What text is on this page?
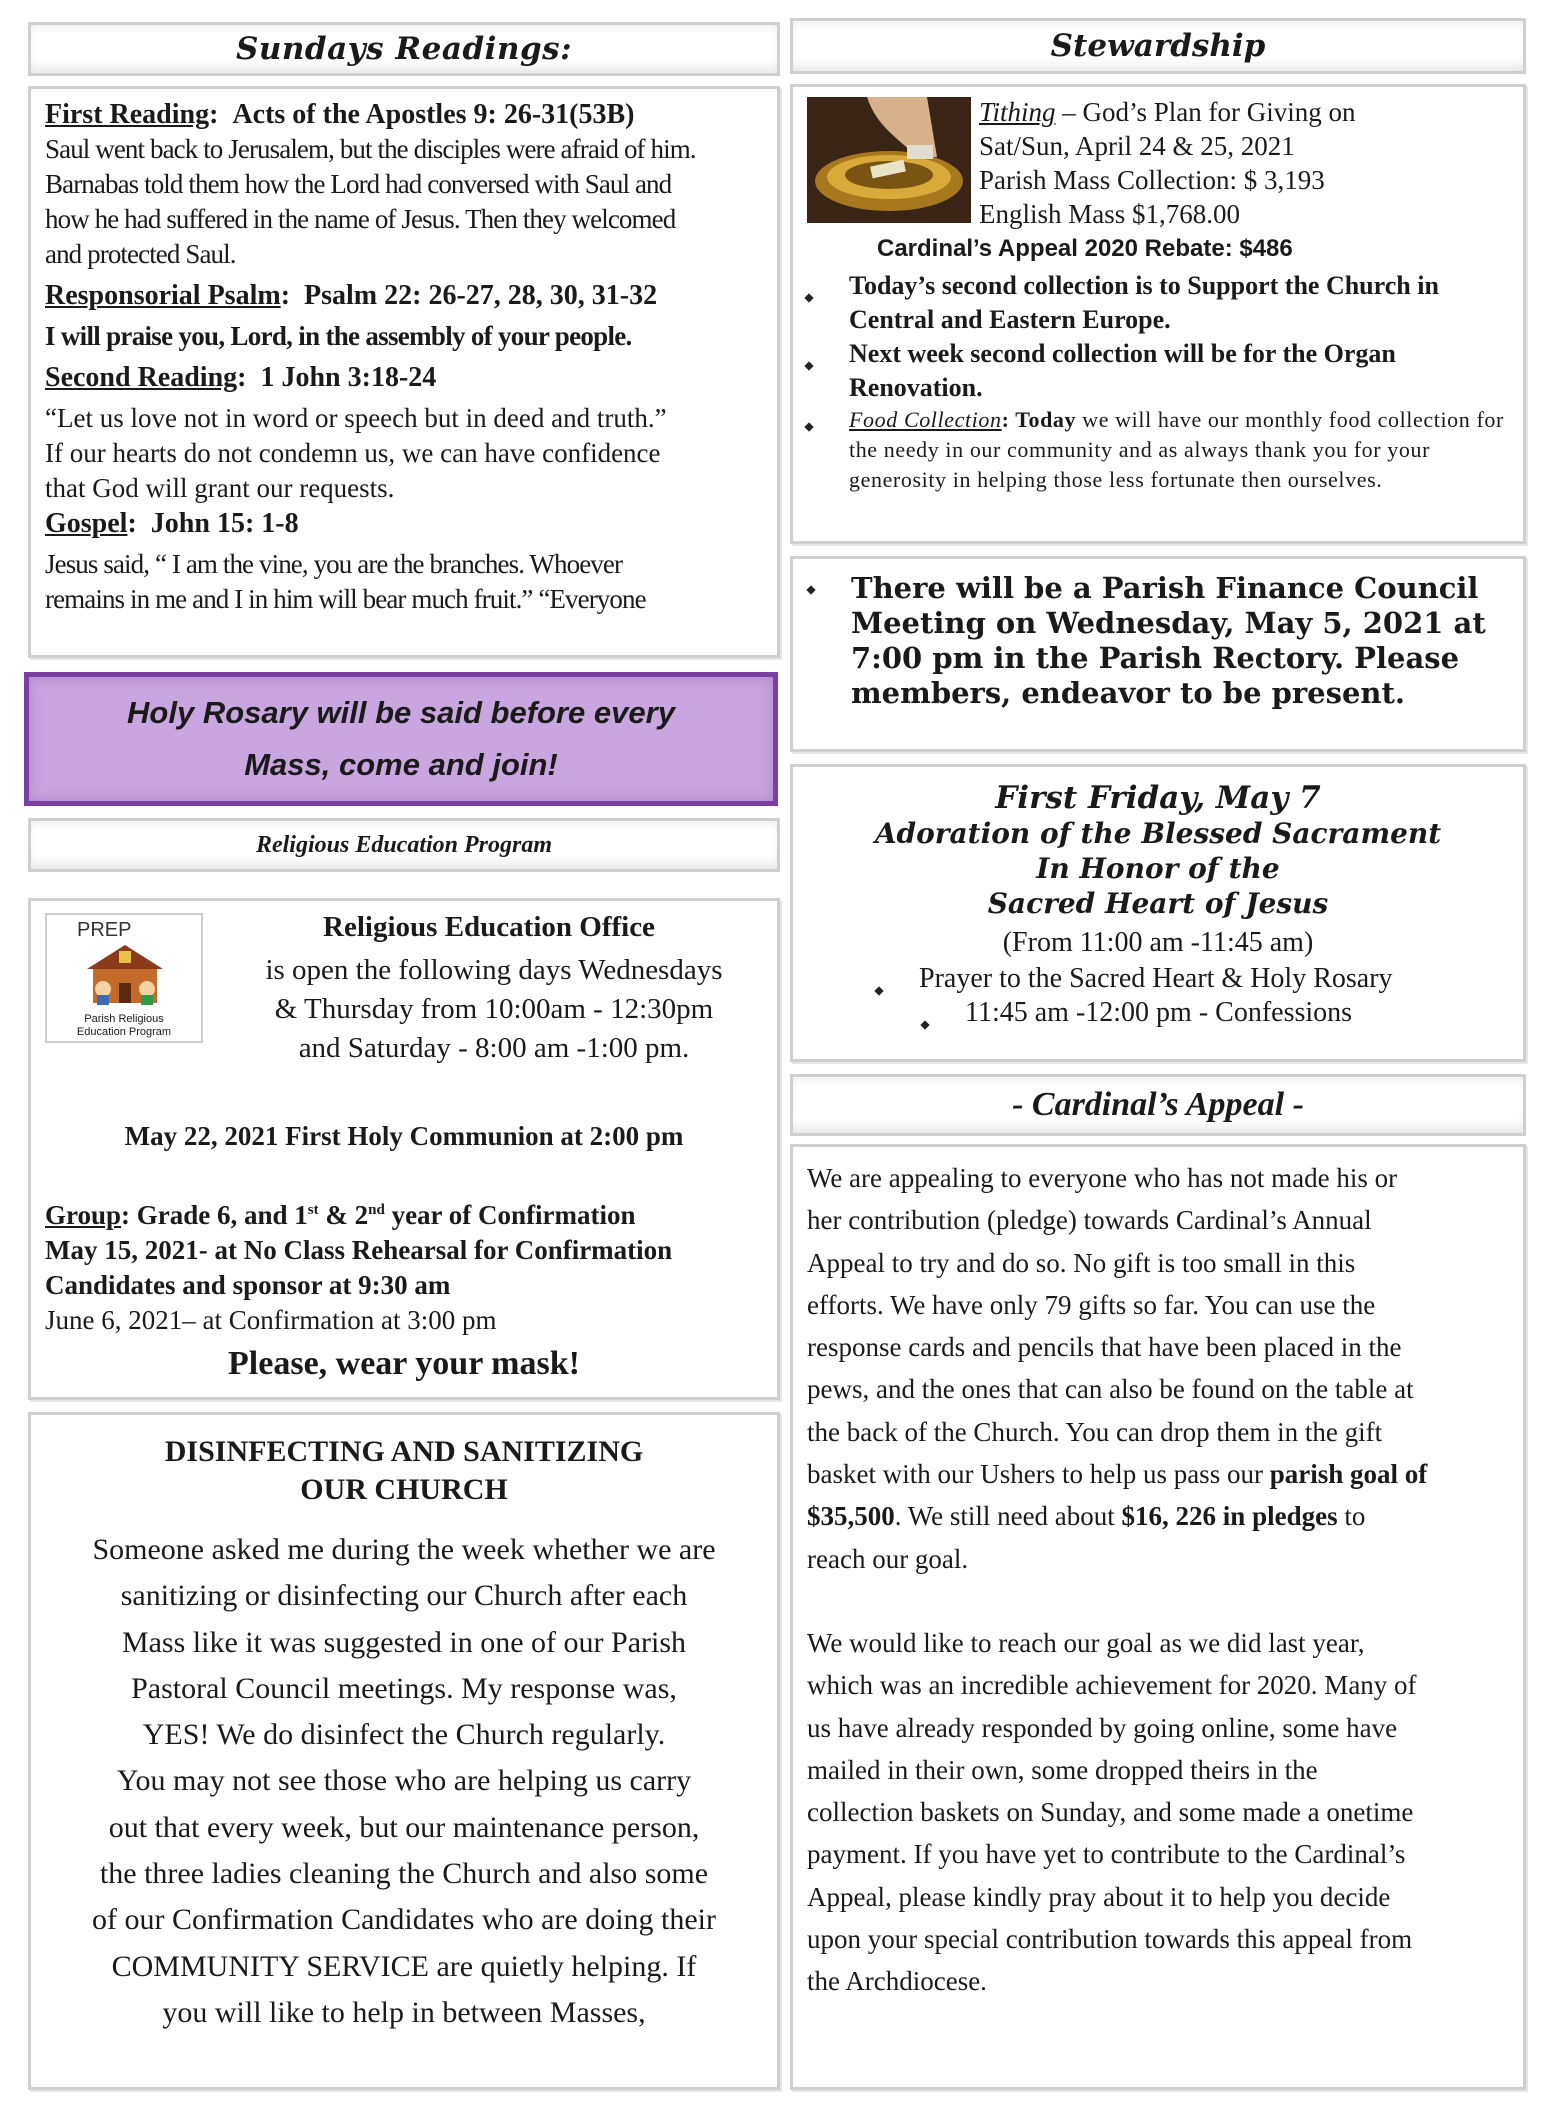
Sundays Readings:

First Reading:  Acts of the Apostles 9: 26-31(53B)

Saul went back to Jerusalem, but the disciples were afraid of him.

Barnabas told them how the Lord had conversed with Saul and

how he had suffered in the name of Jesus. Then they welcomed

and protected Saul.

Responsorial Psalm:  Psalm 22: 26-27, 28, 30, 31-32

I will praise you, Lord, in the assembly of your people.

Second Reading:  1 John 3:18-24

“Let us love not in word or speech but in deed and truth.”

If our hearts do not condemn us, we can have confidence

that God will grant our requests.

Gospel:  John 15: 1-8

Jesus said, “ I am the vine, you are the branches. Whoever

remains in me and I in him will bear much fruit.” “Everyone

Holy Rosary will be said before every

Mass, come and join!

Religious Education Program
PREP
Parish Religious
Education Program

Religious Education Office

is open the following days Wednesdays

& Thursday from 10:00am - 12:30pm

and Saturday - 8:00 am -1:00 pm.

May 22, 2021 First Holy Communion at 2:00 pm

Group: Grade 6, and 1st & 2nd year of Confirmation

May 15, 2021- at No Class Rehearsal for Confirmation

Candidates and sponsor at 9:30 am

June 6, 2021– at Confirmation at 3:00 pm

Please, wear your mask!

DISINFECTING AND SANITIZING

OUR CHURCH

Someone asked me during the week whether we are

sanitizing or disinfecting our Church after each

Mass like it was suggested in one of our Parish

Pastoral Council meetings. My response was,

YES! We do disinfect the Church regularly.

You may not see those who are helping us carry

out that every week, but our maintenance person,

the three ladies cleaning the Church and also some

of our Confirmation Candidates who are doing their

COMMUNITY SERVICE are quietly helping. If

you will like to help in between Masses,

Stewardship

Tithing – God’s Plan for Giving on

Sat/Sun, April 24 & 25, 2021

Parish Mass Collection: $ 3,193

English Mass $1,768.00

Cardinal’s Appeal 2020 Rebate: $486

Today’s second collection is to Support the Church in Central and Eastern Europe.

Next week second collection will be for the Organ Renovation.

Food Collection: Today we will have our monthly food collection for the needy in our community and as always thank you for your generosity in helping those less fortunate then ourselves.

There will be a Parish Finance Council Meeting on Wednesday, May 5, 2021 at 7:00 pm in the Parish Rectory. Please members, endeavor to be present.

First Friday, May 7

Adoration of the Blessed Sacrament

In Honor of the

Sacred Heart of Jesus

(From 11:00 am -11:45 am)

Prayer to the Sacred Heart & Holy Rosary

11:45 am -12:00 pm - Confessions

- Cardinal’s Appeal -

We are appealing to everyone who has not made his or

her contribution (pledge) towards Cardinal’s Annual

Appeal to try and do so. No gift is too small in this

efforts. We have only 79 gifts so far. You can use the

response cards and pencils that have been placed in the

pews, and the ones that can also be found on the table at

the back of the Church. You can drop them in the gift

basket with our Ushers to help us pass our parish goal of

$35,500. We still need about $16, 226 in pledges to

reach our goal.

We would like to reach our goal as we did last year,

which was an incredible achievement for 2020. Many of

us have already responded by going online, some have

mailed in their own, some dropped theirs in the

collection baskets on Sunday, and some made a onetime

payment. If you have yet to contribute to the Cardinal’s

Appeal, please kindly pray about it to help you decide

upon your special contribution towards this appeal from

the Archdiocese.
